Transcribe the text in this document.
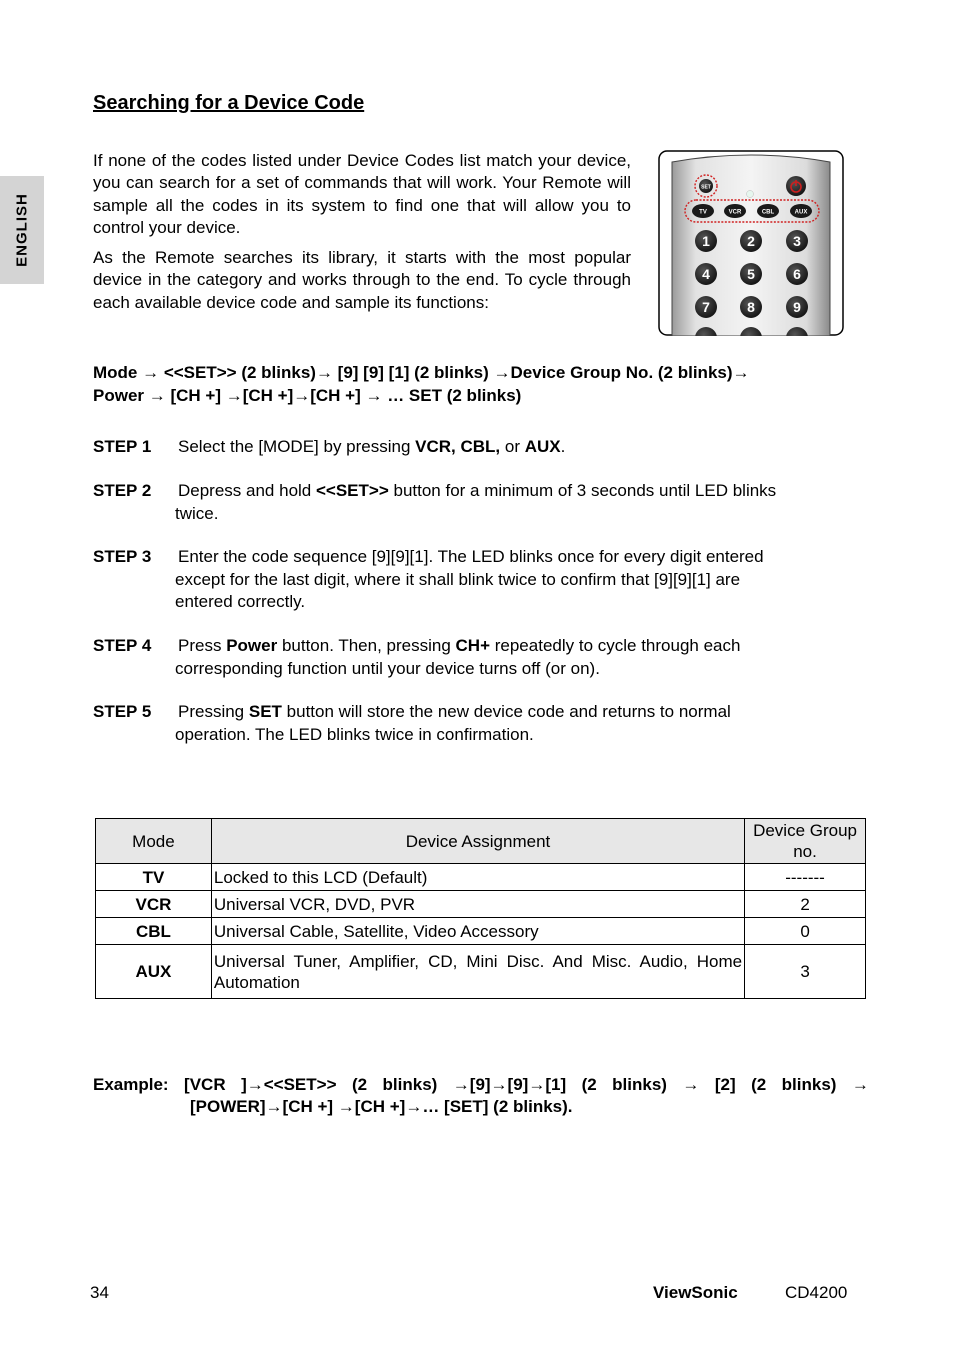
ENGLISH
Searching for a Device Code

If none of the codes listed under Device Codes list match your device, you can search for a set of commands that will work. Your Remote will sample all the codes in its system to find one that will allow you to control your device.

As the Remote searches its library, it starts with the most popular device in the category and works through to the end. To cycle through each available device code and sample its functions:

SET
TV	VCR	CBL	AUX
1	2	3
4	5	6
7	8	9
Mode → <<SET>> (2 blinks)→ [9] [9] [1] (2 blinks) →Device Group No. (2 blinks)→
Power → [CH +] →[CH +]→[CH +] → … SET (2 blinks)
STEP 1 Select the [MODE] by pressing VCR, CBL, or AUX.
STEP 2 Depress and hold <<SET>> button for a minimum of 3 seconds until LED blinks
twice.
STEP 3 Enter the code sequence [9][9][1]. The LED blinks once for every digit entered
except for the last digit, where it shall blink twice to confirm that [9][9][1] are
entered correctly.
STEP 4 Press Power button. Then, pressing CH+ repeatedly to cycle through each
corresponding function until your device turns off (or on).
STEP 5 Pressing SET button will store the new device code and returns to normal
operation. The LED blinks twice in confirmation.
Mode	Device Assignment	Device Group no.
TV	Locked to this LCD (Default)	-------
VCR	Universal VCR, DVD, PVR	2
CBL	Universal Cable, Satellite, Video Accessory	0
AUX	Universal Tuner, Amplifier, CD, Mini Disc. And Misc. Audio, Home Automation	3
Example: [VCR ]→<<SET>> (2 blinks) →[9]→[9]→[1] (2 blinks) → [2] (2 blinks) →
[POWER]→[CH +] →[CH +]→… [SET] (2 blinks).
34	ViewSonic	CD4200
